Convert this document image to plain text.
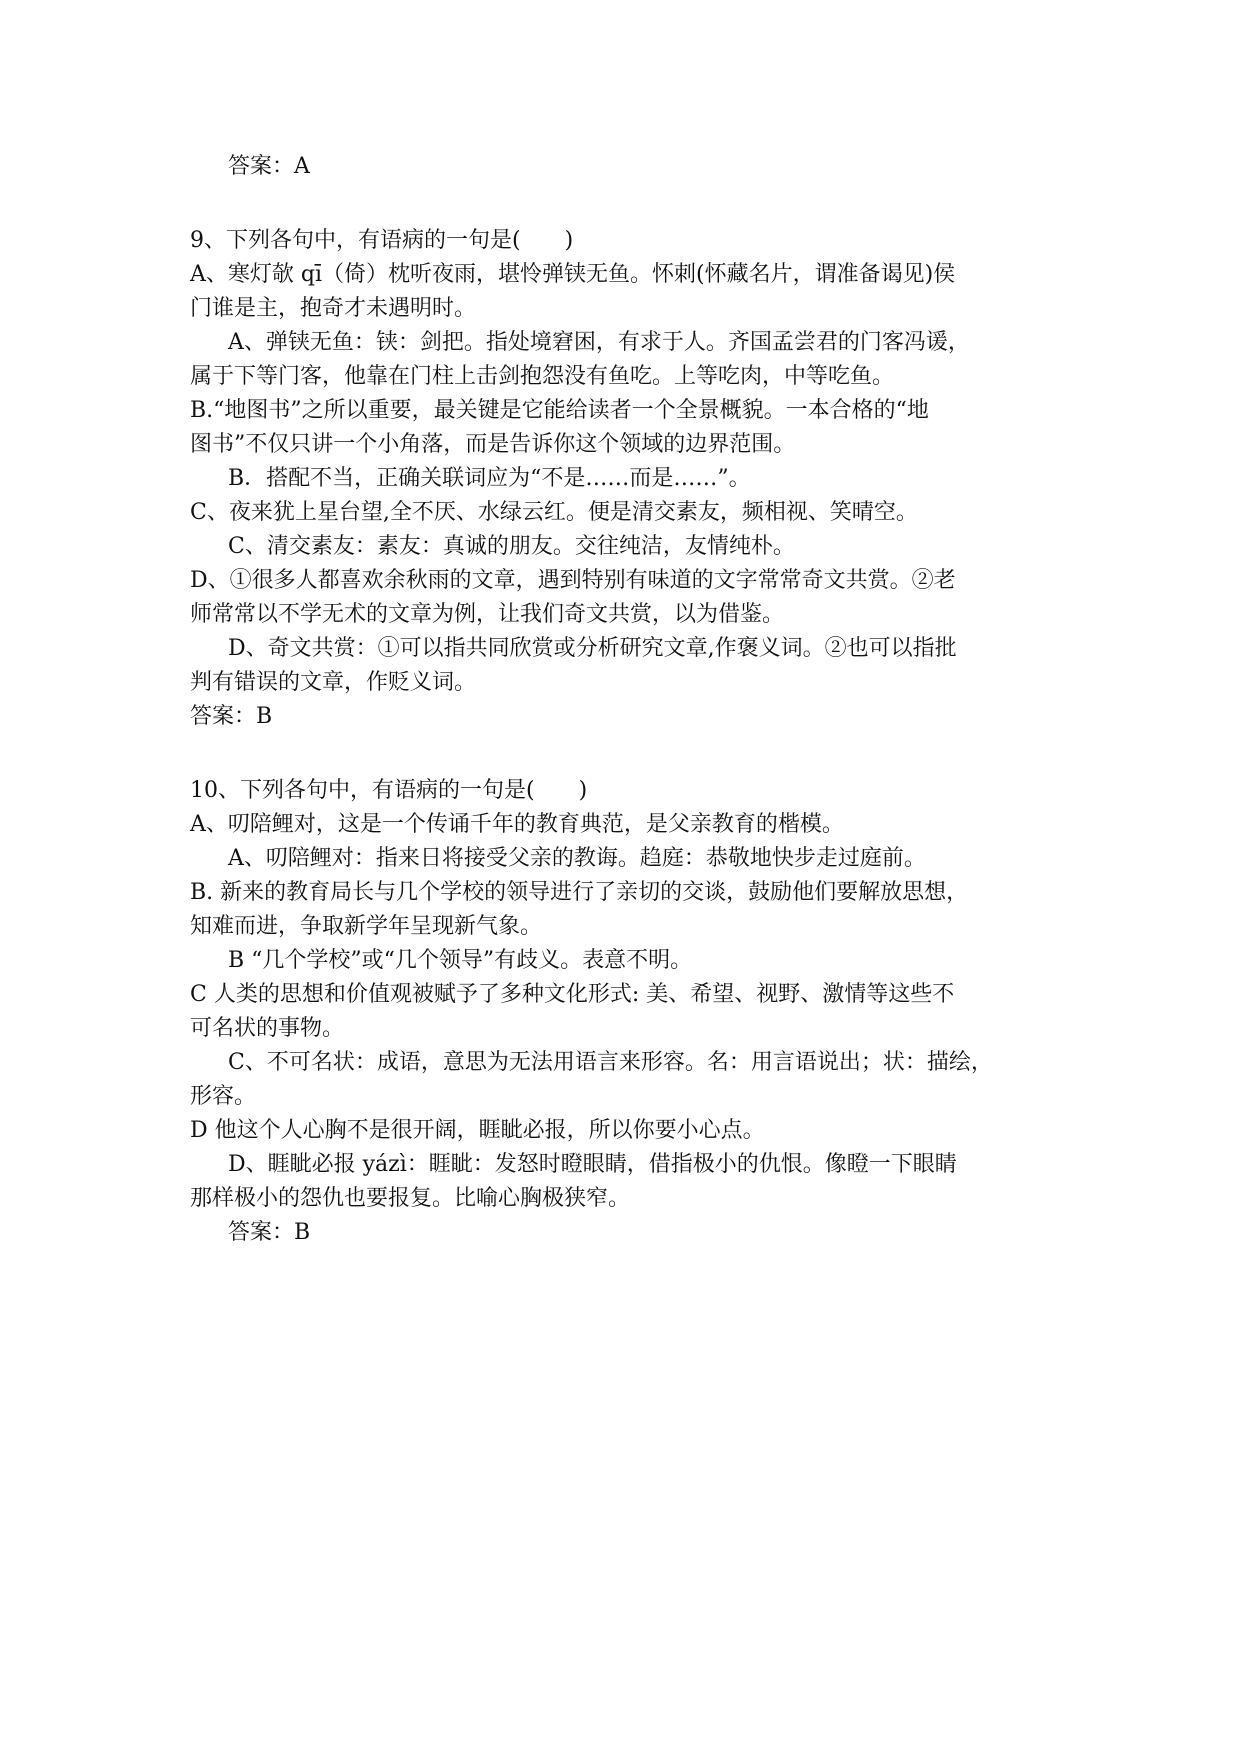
答案：A

9、下列各句中，有语病的一句是(　　)

A、寒灯欹 qī（倚）枕听夜雨，堪怜弹铗无鱼。怀刺(怀藏名片，谓准备谒见)侯

门谁是主，抱奇才未遇明时。

A、弹铗无鱼：铗：剑把。指处境窘困，有求于人。齐国孟尝君的门客冯谖，

属于下等门客，他靠在门柱上击剑抱怨没有鱼吃。上等吃肉，中等吃鱼。

B.“地图书”之所以重要，最关键是它能给读者一个全景概貌。一本合格的“地

图书”不仅只讲一个小角落，而是告诉你这个领域的边界范围。

B．搭配不当，正确关联词应为“不是……而是……”。

C、夜来犹上星台望,全不厌、水绿云红。便是清交素友，频相视、笑晴空。

C、清交素友：素友：真诚的朋友。交往纯洁，友情纯朴。

D、①很多人都喜欢余秋雨的文章，遇到特别有味道的文字常常奇文共赏。②老

师常常以不学无术的文章为例，让我们奇文共赏，以为借鉴。

D、奇文共赏：①可以指共同欣赏或分析研究文章,作褒义词。②也可以指批

判有错误的文章，作贬义词。

答案：B

10、下列各句中，有语病的一句是(　　)

A、叨陪鲤对，这是一个传诵千年的教育典范，是父亲教育的楷模。

A、叨陪鲤对：指来日将接受父亲的教诲。趋庭：恭敬地快步走过庭前。

B. 新来的教育局长与几个学校的领导进行了亲切的交谈，鼓励他们要解放思想，

知难而进，争取新学年呈现新气象。

B “几个学校”或“几个领导”有歧义。表意不明。

C 人类的思想和价值观被赋予了多种文化形式: 美、希望、视野、激情等这些不

可名状的事物。

C、不可名状：成语，意思为无法用语言来形容。名：用言语说出；状：描绘，

形容。

D 他这个人心胸不是很开阔，睚眦必报，所以你要小心点。

D、睚眦必报 yázì：睚眦：发怒时瞪眼睛，借指极小的仇恨。像瞪一下眼睛

那样极小的怨仇也要报复。比喻心胸极狭窄。

答案：B
